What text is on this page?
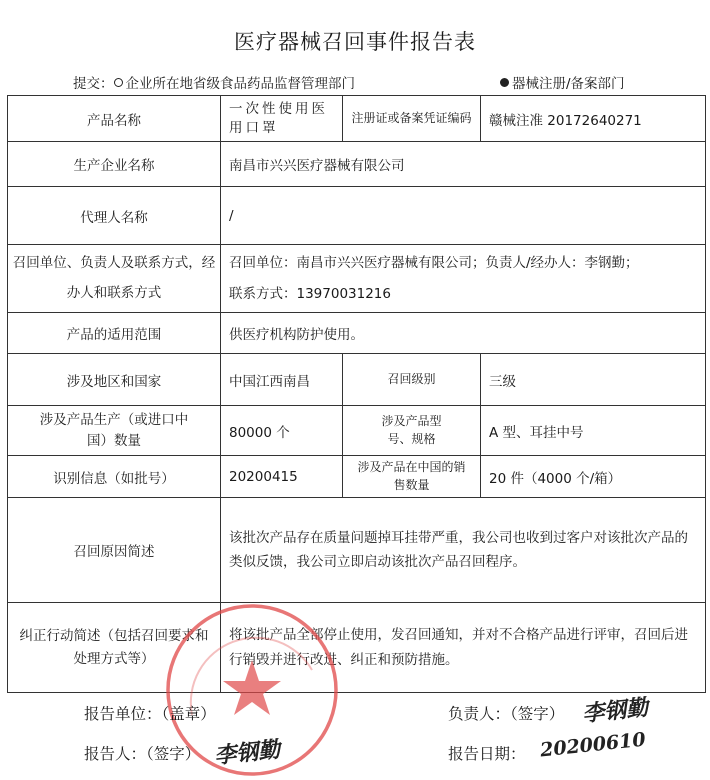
医疗器械召回事件报告表
提交： 企业所在地省级食品药品监督管理部门	器械注册/备案部门
产品名称	一次性使用医用口罩	注册证或备案凭证编码	赣械注准 20172640271
生产企业名称	南昌市兴兴医疗器械有限公司		
代理人名称	/		
召回单位、负责人及联系方式，经办人和联系方式	召回单位：南昌市兴兴医疗器械有限公司；负责人/经办人：李钢勤；
联系方式：13970031216		

产品的适用范围	供医疗机构防护使用。		
涉及地区和国家	中国江西南昌	召回级别	三级
涉及产品生产（或进口中国）数量	80000 个	涉及产品型号、规格	A 型、耳挂中号
识别信息（如批号）	20200415	涉及产品在中国的销售数量	20 件（4000 个/箱）
召回原因简述	该批次产品存在质量问题掉耳挂带严重，我公司也收到过客户对该批次产品的类似反馈，我公司立即启动该批次产品召回程序。		
纠正行动简述（包括召回要求和处理方式等）	将该批产品全部停止使用，发召回通知，并对不合格产品进行评审，召回后进行销毁并进行改进、纠正和预防措施。		
报告单位：（盖章）	负责人：（签字） 李钢勤
报告人：（签字） 李钢勤	报告日期： 20200610
